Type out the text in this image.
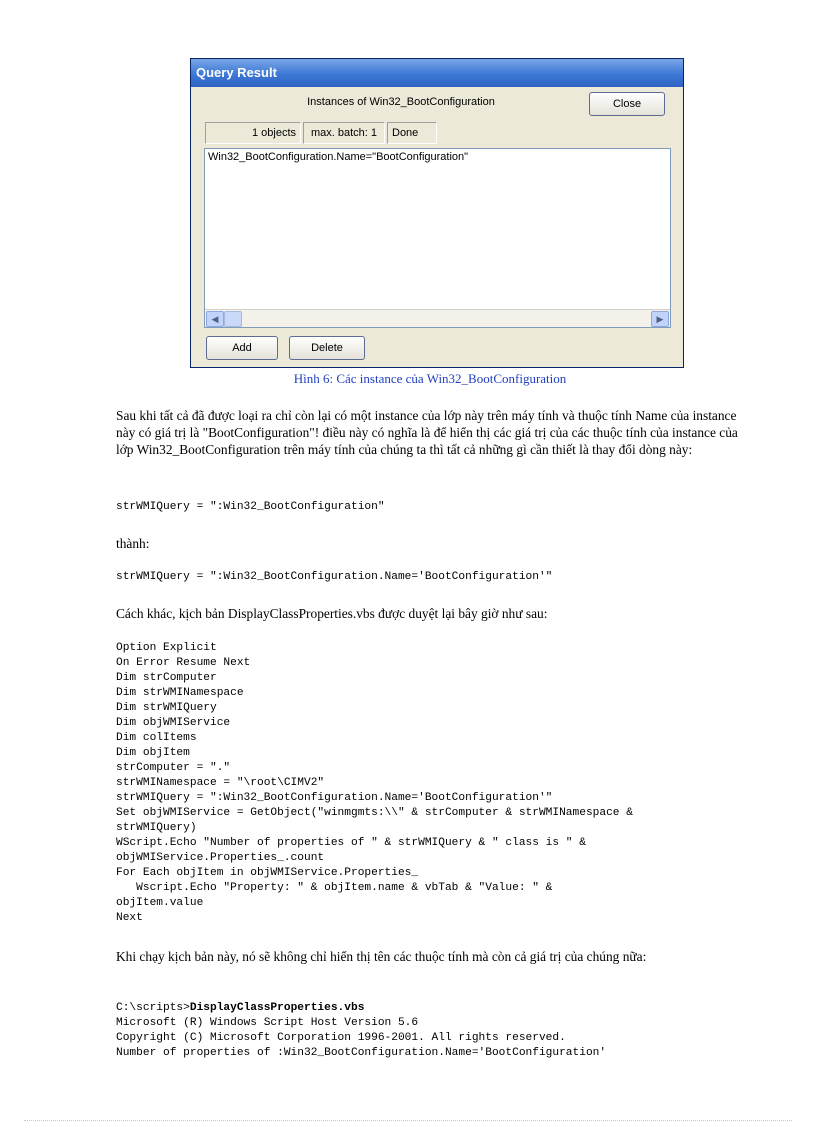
Query Result
Instances of Win32_BootConfiguration	Close
1 objects	max. batch: 1	Done
Win32_BootConfiguration.Name="BootConfiguration"
◀	▶
Add	Delete
Hình 6: Các instance của Win32_BootConfiguration
Sau khi tất cả đã được loại ra chỉ còn lại có một instance của lớp này trên máy tính và thuộc tính Name của instance này có giá trị là "BootConfiguration"! điều này có nghĩa là để hiển thị các giá trị của các thuộc tính của instance của lớp Win32_BootConfiguration trên máy tính của chúng ta thì tất cả những gì cần thiết là thay đổi dòng này:
strWMIQuery = ":Win32_BootConfiguration"
thành:
strWMIQuery = ":Win32_BootConfiguration.Name='BootConfiguration'"
Cách khác, kịch bản DisplayClassProperties.vbs được duyệt lại bây giờ như sau:
Option Explicit
On Error Resume Next
Dim strComputer
Dim strWMINamespace
Dim strWMIQuery
Dim objWMIService
Dim colItems
Dim objItem
strComputer = "."
strWMINamespace = "\root\CIMV2"
strWMIQuery = ":Win32_BootConfiguration.Name='BootConfiguration'"
Set objWMIService = GetObject("winmgmts:\\" & strComputer & strWMINamespace &
strWMIQuery)
WScript.Echo "Number of properties of " & strWMIQuery & " class is " &
objWMIService.Properties_.count
For Each objItem in objWMIService.Properties_
Wscript.Echo "Property: " & objItem.name & vbTab & "Value: " &
objItem.value
Next
Khi chạy kịch bản này, nó sẽ không chỉ hiển thị tên các thuộc tính mà còn cả giá trị của chúng nữa:
C:\scripts>DisplayClassProperties.vbs
Microsoft (R) Windows Script Host Version 5.6
Copyright (C) Microsoft Corporation 1996-2001. All rights reserved.
Number of properties of :Win32_BootConfiguration.Name='BootConfiguration'
